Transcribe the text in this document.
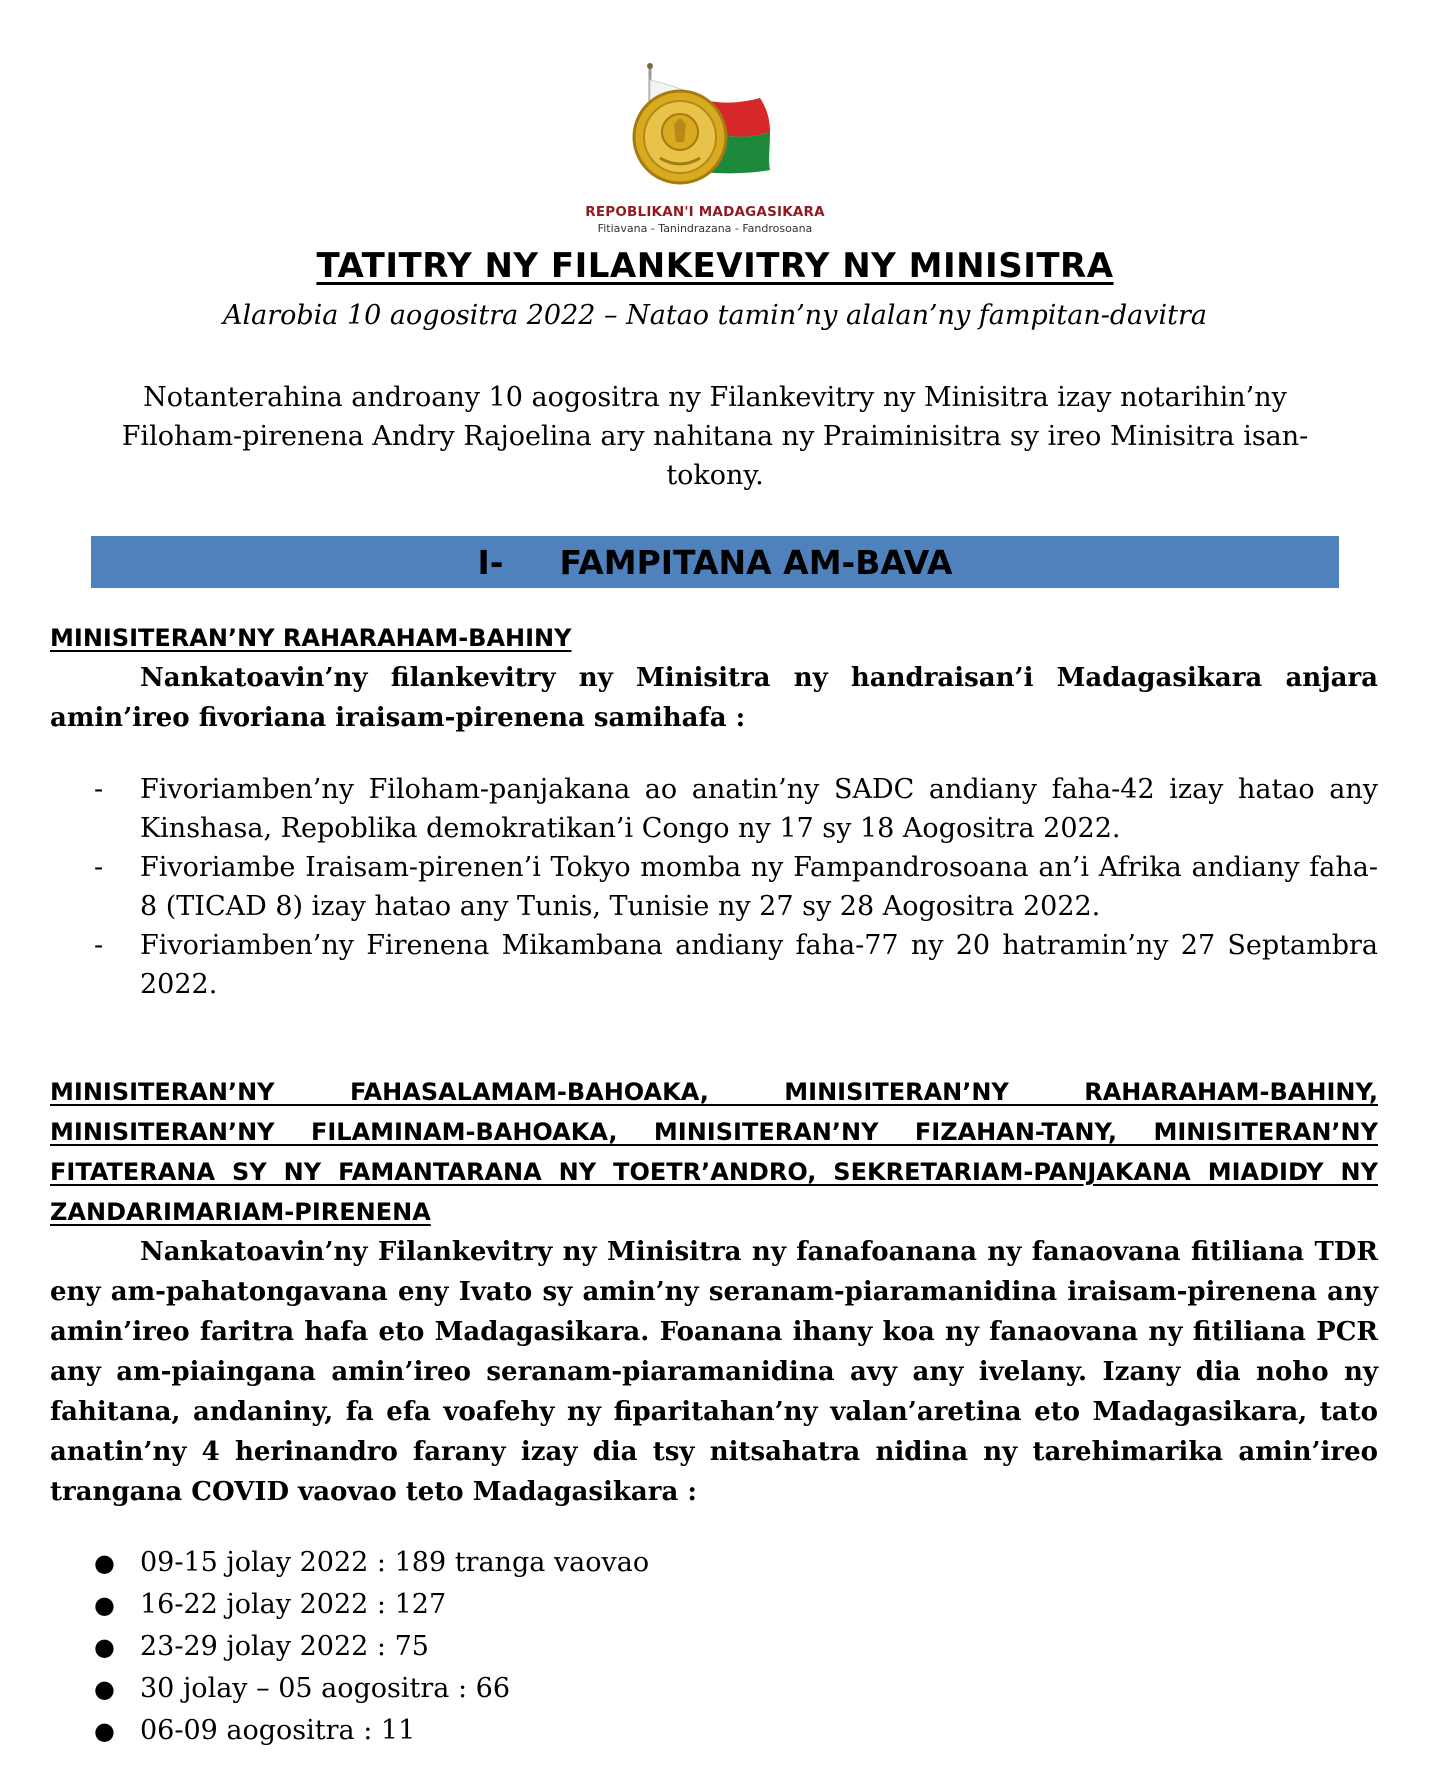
REPOBLIKAN'I MADAGASIKARA
Fitiavana - Tanindrazana - Fandrosoana
TATITRY NY FILANKEVITRY NY MINISITRA
Alarobia 10 aogositra 2022 – Natao tamin’ny alalan’ny fampitan-davitra
Notanterahina androany 10 aogositra ny Filankevitry ny Minisitra izay notarihin’ny Filoham-pirenena Andry Rajoelina ary nahitana ny Praiminisitra sy ireo Minisitra isan-tokony.
I- FAMPITANA AM-BAVA
MINISITERAN’NY RAHARAHAM-BAHINY
Nankatoavin’ny filankevitry ny Minisitra ny handraisan’i Madagasikara anjara amin’ireo fivoriana iraisam-pirenena samihafa :
- Fivoriamben’ny Filoham-panjakana ao anatin’ny SADC andiany faha-42 izay hatao any Kinshasa, Repoblika demokratikan’i Congo ny 17 sy 18 Aogositra 2022.
- Fivoriambe Iraisam-pirenen’i Tokyo momba ny Fampandrosoana an’i Afrika andiany faha-8 (TICAD 8) izay hatao any Tunis, Tunisie ny 27 sy 28 Aogositra 2022.
- Fivoriamben’ny Firenena Mikambana andiany faha-77 ny 20 hatramin’ny 27 Septambra 2022.
MINISITERAN’NY FAHASALAMAM-BAHOAKA, MINISITERAN’NY RAHARAHAM-BAHINY, MINISITERAN’NY FILAMINAM-BAHOAKA, MINISITERAN’NY FIZAHAN-TANY, MINISITERAN’NY FITATERANA SY NY FAMANTARANA NY TOETR’ANDRO, SEKRETARIAM-PANJAKANA MIADIDY NY ZANDARIMARIAM-PIRENENA
Nankatoavin’ny Filankevitry ny Minisitra ny fanafoanana ny fanaovana fitiliana TDR eny am-pahatongavana eny Ivato sy amin’ny seranam-piaramanidina iraisam-pirenena any amin’ireo faritra hafa eto Madagasikara. Foanana ihany koa ny fanaovana ny fitiliana PCR any am-piaingana amin’ireo seranam-piaramanidina avy any ivelany. Izany dia noho ny fahitana, andaniny, fa efa voafehy ny fiparitahan’ny valan’aretina eto Madagasikara, tato anatin’ny 4 herinandro farany izay dia tsy nitsahatra nidina ny tarehimarika amin’ireo trangana COVID vaovao teto Madagasikara :
● 09-15 jolay 2022 : 189 tranga vaovao
● 16-22 jolay 2022 : 127
● 23-29 jolay 2022 : 75
● 30 jolay – 05 aogositra : 66
● 06-09 aogositra : 11
